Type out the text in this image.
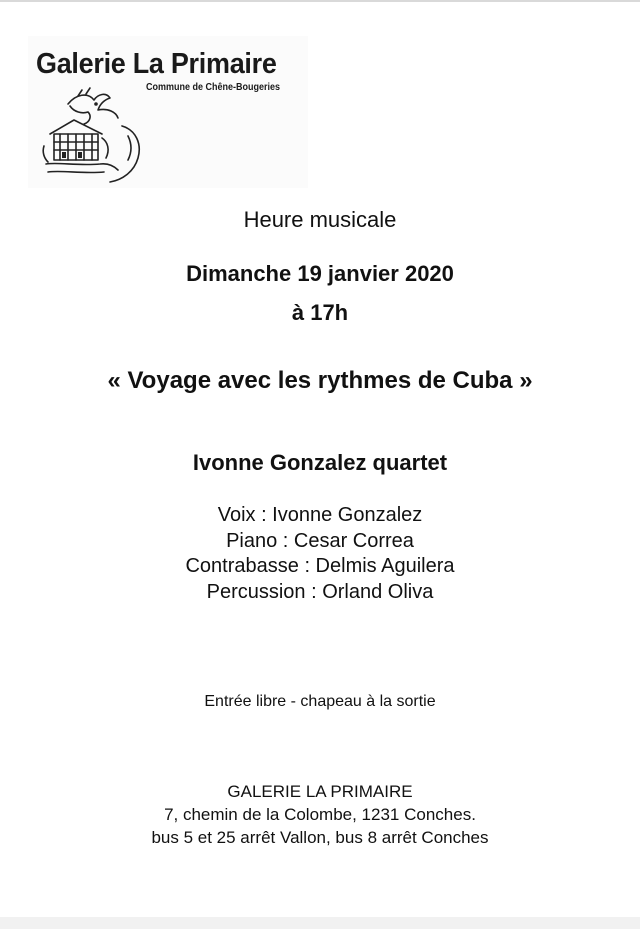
Galerie La Primaire
Commune de Chêne-Bougeries
Heure musicale
Dimanche 19 janvier 2020
à 17h
« Voyage avec les rythmes de Cuba »
Ivonne Gonzalez quartet
Voix : Ivonne Gonzalez
Piano : Cesar Correa
Contrabasse : Delmis Aguilera
Percussion : Orland Oliva
Entrée libre - chapeau à la sortie
GALERIE LA PRIMAIRE
7, chemin de la Colombe, 1231 Conches.
bus 5 et 25 arrêt Vallon, bus 8 arrêt Conches
